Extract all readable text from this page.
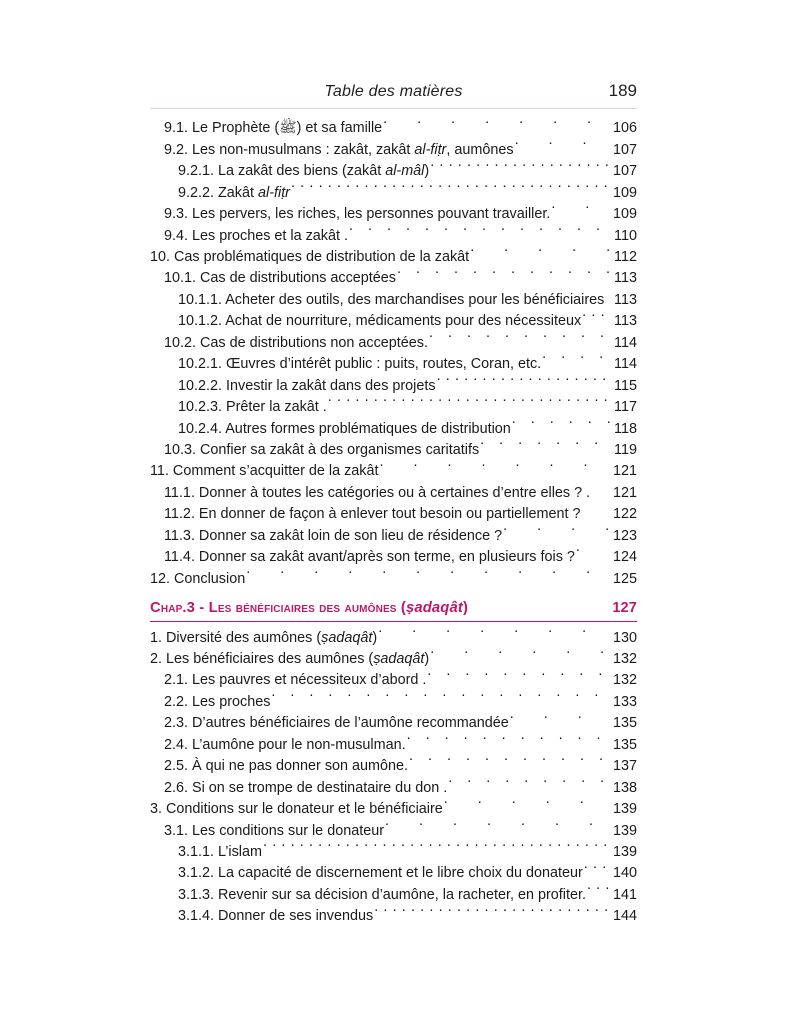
Table des matières	189
9.1. Le Prophète (ﷺ) et sa famille . . .	106
9.2. Les non-musulmans : zakât, zakât al-fiṭr, aumônes . . .	107
9.2.1. La zakât des biens (zakât al-mâl) . . .	107
9.2.2. Zakât al-fiṭr . . .	109
9.3. Les pervers, les riches, les personnes pouvant travailler. . . .	109
9.4. Les proches et la zakât . . . .	110
10. Cas problématiques de distribution de la zakât . . .	112
10.1. Cas de distributions acceptées . . .	113
10.1.1. Acheter des outils, des marchandises pour les bénéficiaires 113
10.1.2. Achat de nourriture, médicaments pour des nécessiteux . . . 113
10.2. Cas de distributions non acceptées. . . .	114
10.2.1. Œuvres d’intérêt public : puits, routes, Coran, etc. . . .	114
10.2.2. Investir la zakât dans des projets . . .	115
10.2.3. Prêter la zakât . . . .	117
10.2.4. Autres formes problématiques de distribution . . .	118
10.3. Confier sa zakât à des organismes caritatifs . . .	119
11. Comment s’acquitter de la zakât . . .	121
11.1. Donner à toutes les catégories ou à certaines d’entre elles ? . 121
11.2. En donner de façon à enlever tout besoin ou partiellement ? 122
11.3. Donner sa zakât loin de son lieu de résidence ? . . .	123
11.4. Donner sa zakât avant/après son terme, en plusieurs fois ? . . .	124
12. Conclusion . . .	125
Chap.3 - Les bénéficiaires des aumônes (ṣadaqât)	127
1. Diversité des aumônes (ṣadaqât) . . .	130
2. Les bénéficiaires des aumônes (ṣadaqât) . . .	132
2.1. Les pauvres et nécessiteux d’abord . . . .	132
2.2. Les proches . . .	133
2.3. D’autres bénéficiaires de l’aumône recommandée . . .	135
2.4. L’aumône pour le non-musulman. . . .	135
2.5. À qui ne pas donner son aumône. . . .	137
2.6. Si on se trompe de destinataire du don . . . .	138
3. Conditions sur le donateur et le bénéficiaire . . .	139
3.1. Les conditions sur le donateur . . .	139
3.1.1. L’islam . . .	139
3.1.2. La capacité de discernement et le libre choix du donateur . . . 140
3.1.3. Revenir sur sa décision d’aumône, la racheter, en profiter. . . . 141
3.1.4. Donner de ses invendus . . .	144
